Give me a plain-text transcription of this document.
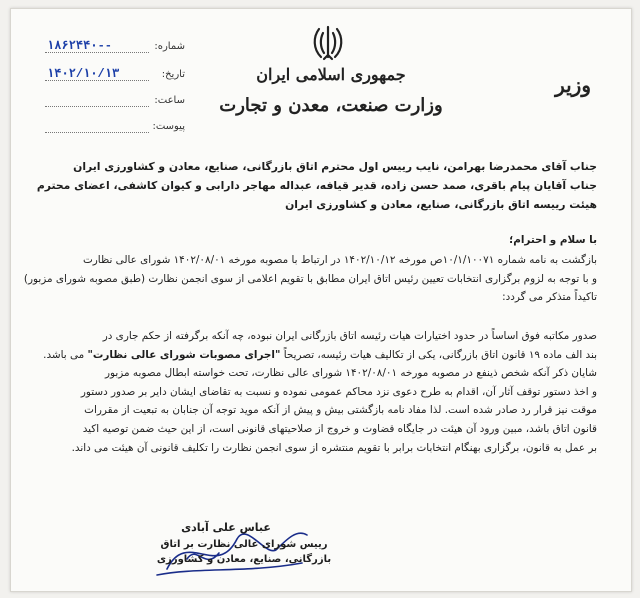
جمهوری اسلامی ایران
وزارت صنعت، معدن و تجارت
وزیر
شماره:
۱۸۶۲۴۴۰--
تاریخ:
۱۴۰۲/۱۰/۱۳
ساعت:
پیوست:
جناب آقای محمدرضا بهرامن، نایب رییس اول محترم اتاق بازرگانی، صنایع، معادن و کشاورزی ایران
جناب آقایان پیام باقری، صمد حسن زاده، قدیر قیافه، عبداله مهاجر دارابی و کیوان کاشفی، اعضای محترم
هیئت رییسه اتاق بازرگانی، صنایع، معادن و کشاورزی ایران
با سلام و احترام؛
بازگشت به نامه شماره ۱۰/۱/۱۰۰۷۱ص مورخه ۱۴۰۲/۱۰/۱۲ در ارتباط با مصوبه مورخه ۱۴۰۲/۰۸/۰۱ شورای عالی نظارت
و با توجه به لزوم برگزاری انتخابات تعیین رئیس اتاق ایران مطابق با تقویم اعلامی از سوی انجمن نظارت (طبق مصوبه شورای مزبور)
تاکیداً متذکر می گردد:
صدور مکاتبه فوق اساساً در حدود اختیارات هیات رئیسه اتاق بازرگانی ایران نبوده، چه آنکه برگرفته از حکم جاری در
بند الف ماده ۱۹ قانون اتاق بازرگانی، یکی از تکالیف هیات رئیسه، تصریحاً "اجرای مصوبات شورای عالی نظارت" می باشد.
شایان ذکر آنکه شخص ذینفع در مصوبه مورخه ۱۴۰۲/۰۸/۰۱ شورای عالی نظارت، تحت خواسته ابطال مصوبه مزبور
و اخذ دستور توقف آثار آن، اقدام به طرح دعوی نزد محاکم عمومی نموده و نسبت به تقاضای ایشان دایر بر صدور دستور
موقت نیز قرار رد صادر شده است. لذا مفاد نامه بازگشتی بیش و پیش از آنکه موید توجه آن جنابان به تبعیت از مقررات
قانون اتاق باشد، مبین ورود آن هیئت در جایگاه قضاوت و خروج از صلاحیتهای قانونی است، از این حیث ضمن توصیه اکید
بر عمل به قانون، برگزاری بهنگام انتخابات برابر با تقویم منتشره از سوی انجمن نظارت را تکلیف قانونی آن هیئت می داند.
عباس علی آبادی
رییس شورای عالی نظارت بر اتاق
بازرگانی، صنایع، معادن و کشاورزی
